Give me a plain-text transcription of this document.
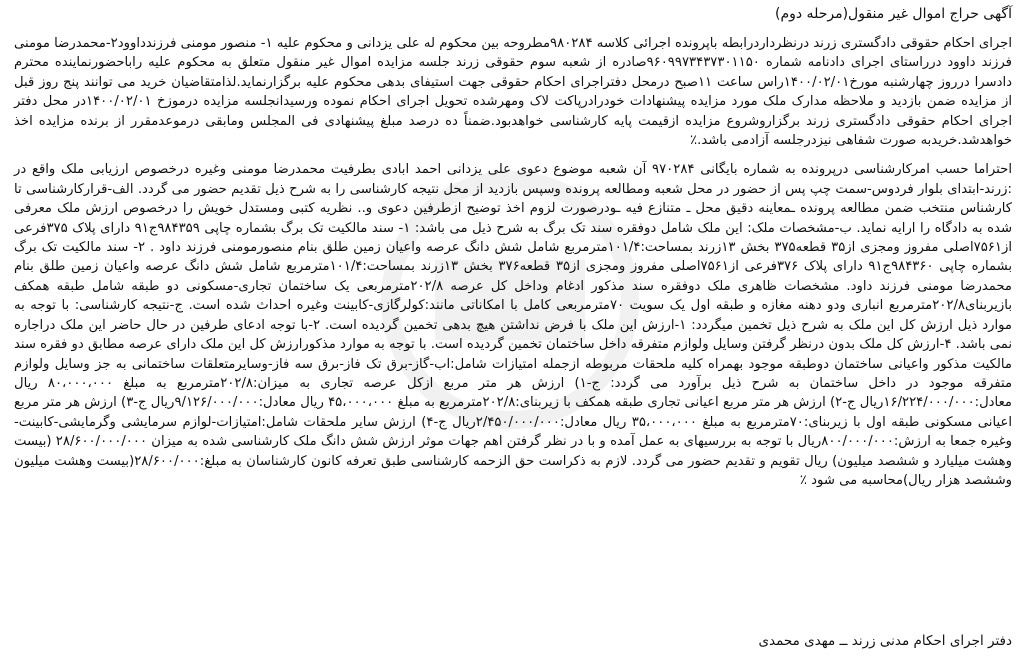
آگهی حراج اموال غیر منقول(مرحله دوم)
اجرای احکام حقوقی دادگستری زرند درنظرداردرابطه باپرونده اجرائی کلاسه ۹۸۰۲۸۴مطروحه بین محکوم له علی یزدانی و محکوم علیه ۱- منصور مومنی فرزندداوود۲-محمدرضا مومنی فرزند داوود درراستای اجرای دادنامه شماره ۹۶۰۹۹۷۳۴۳۷۳۰۱۱۵۰صادره از شعبه سوم حقوقی زرند جلسه مزایده اموال غیر منقول متعلق به محکوم علیه راباحضورنماینده محترم دادسرا درروز چهارشنبه مورخ۱۴۰۰/۰۲/۰۱راس ساعت ۱۱صبح درمحل دفتراجرای احکام حقوقی جهت استیفای بدهی محکوم علیه برگزارنماید.لذامتقاضیان خرید می توانند پنج روز قبل از مزایده ضمن بازدید و ملاحظه مدارک ملک مورد مزایده پیشنهادات خودرادرپاکت لاک ومهرشده تحویل اجرای احکام نموده ورسیدانجلسه مزایده درموزخ ۱۴۰۰/۰۲/۰۱در محل دفتر اجرای احکام حقوقی دادگستری زرند برگزاروشروع مزایده ازقیمت پایه کارشناسی خواهدبود.ضمناً ده درصد مبلغ پیشنهادی فی المجلس ومابقی درموعدمقرر از برنده مزایده اخذ خواهدشد.خریدبه صورت شفاهی نیزدرجلسه آزادمی باشد.٪
احتراما حسب امرکارشناسی درپرونده به شماره بایگانی ۹۷۰۲۸۴ آن شعبه موضوع دعوی علی یزدانی احمد ابادی بطرفیت محمدرضا مومنی وغیره درخصوص ارزیابی ملک واقع در :زرند-ابتدای بلوار فردوس-سمت چپ پس از حضور در محل شعبه ومطالعه پرونده وسپس بازدید از محل نتیجه کارشناسی را به شرح ذیل تقدیم حضور می گردد. الف-قرارکارشناسی تا کارشناس منتخب ضمن مطالعه پرونده ـمعاینه دقیق محل ـ متنازع فیه ـودرصورت لزوم اخذ توضیح ازطرفین دعوی و.. نظریه کتبی ومستدل خویش را درخصوص ارزش ملک معرفی شده به دادگاه را ارایه نماید. ب-مشخصات ملک: این ملک شامل دوفقره سند تک برگ به شرح ذیل می باشد: ۱- سند مالکیت تک برگ بشماره چاپی ۹۸۴۳۵۹ج۹۱ دارای پلاک ۳۷۵فرعی از۷۵۶۱اصلی مفروز ومجزی از۳۵ قطعه۳۷۵ بخش ۱۳زرند بمساحت:۱۰۱/۴مترمربع شامل شش دانگ عرصه واعیان زمین طلق بنام منصورمومنی فرزند داود . ۲- سند مالکیت تک برگ بشماره چاپی ۹۸۴۳۶۰ج۹۱ دارای پلاک ۳۷۶فرعی از۷۵۶۱اصلی مفروز ومجزی از۳۵ قطعه۳۷۶ بخش ۱۳زرند بمساحت:۱۰۱/۴مترمربع شامل شش دانگ عرصه واعیان زمین طلق بنام محمدرضا مومنی فرزند داود. مشخصات ظاهری ملک دوفقره سند مذکور ادغام وداخل کل عرصه ۲۰۲/۸مترمربعی یک ساختمان تجاری-مسکونی دو طبقه شامل طبقه همکف بازیربنای۲۰۲/۸مترمربع انباری ودو دهنه مغازه و طبقه اول یک سویت ۷۰مترمربعی کامل با امکاناتی مانند:کولرگازی-کابینت وغیره احداث شده است. ج-نتیجه کارشناسی: با توجه به موارد ذیل ارزش کل این ملک به شرح ذیل تخمین میگردد: ۱-ارزش این ملک با فرض نداشتن هیچ بدهی تخمین گردیده است. ۲-با توجه ادعای طرفین در حال حاضر این ملک دراجاره نمی باشد. ۴-ارزش کل ملک بدون درنظر گرفتن وسایل ولوازم متفرقه داخل ساختمان تخمین گردیده است. با توجه به موارد مذکورارزش کل این ملک دارای عرصه مطابق دو فقره سند مالکیت مذکور واعیانی ساختمان دوطبقه موجود بهمراه کلیه ملحقات مربوطه ازجمله امتیازات شامل:اب-گاز-برق تک فاز-برق سه فاز-وسایرمتعلقات ساختمانی به جز وسایل ولوازم متفرقه موجود در داخل ساختمان به شرح ذیل برآورد می گردد: ج-۱) ارزش هر متر مربع ازکل عرصه تجاری به میزان:۲۰۲/۸مترمربع به مبلغ ۸۰،۰۰۰،۰۰۰ ریال معادل:۱۶/۲۲۴/۰۰۰/۰۰۰ریال ج-۲) ارزش هر متر مربع اعیانی تجاری طبقه همکف با زیربنای:۲۰۲/۸مترمربع به مبلغ ۴۵،۰۰۰،۰۰۰ ریال معادل:۹/۱۲۶/۰۰۰/۰۰۰ریال ج-۳) ارزش هر متر مربع اعیانی مسکونی طبقه اول با زیربنای:۷۰مترمربع به مبلغ ۳۵،۰۰۰،۰۰۰ ریال معادل:۲/۴۵۰/۰۰۰/۰۰۰ریال ج-۴) ارزش سایر ملحقات شامل:امتیازات-لوازم سرمایشی وگرمایشی-کابینت-وغیره جمعا به ارزش:۸۰۰/۰۰۰/۰۰۰ریال با توجه به بررسیهای به عمل آمده و با در نظر گرفتن اهم جهات موثر ارزش شش دانگ ملک کارشناسی شده به میزان ۲۸/۶۰۰/۰۰۰/۰۰۰ (بیست وهشت میلیارد و ششصد میلیون) ریال تقویم و تقدیم حضور می گردد. لازم به ذکراست حق الزحمه کارشناسی طبق تعرفه کانون کارشناسان به مبلغ:۲۸/۶۰۰/۰۰۰(بیست وهشت میلیون وششصد هزار ریال)محاسبه می شود ٪
دفتر اجرای احکام مدنی زرند ــ مهدی محمدی
